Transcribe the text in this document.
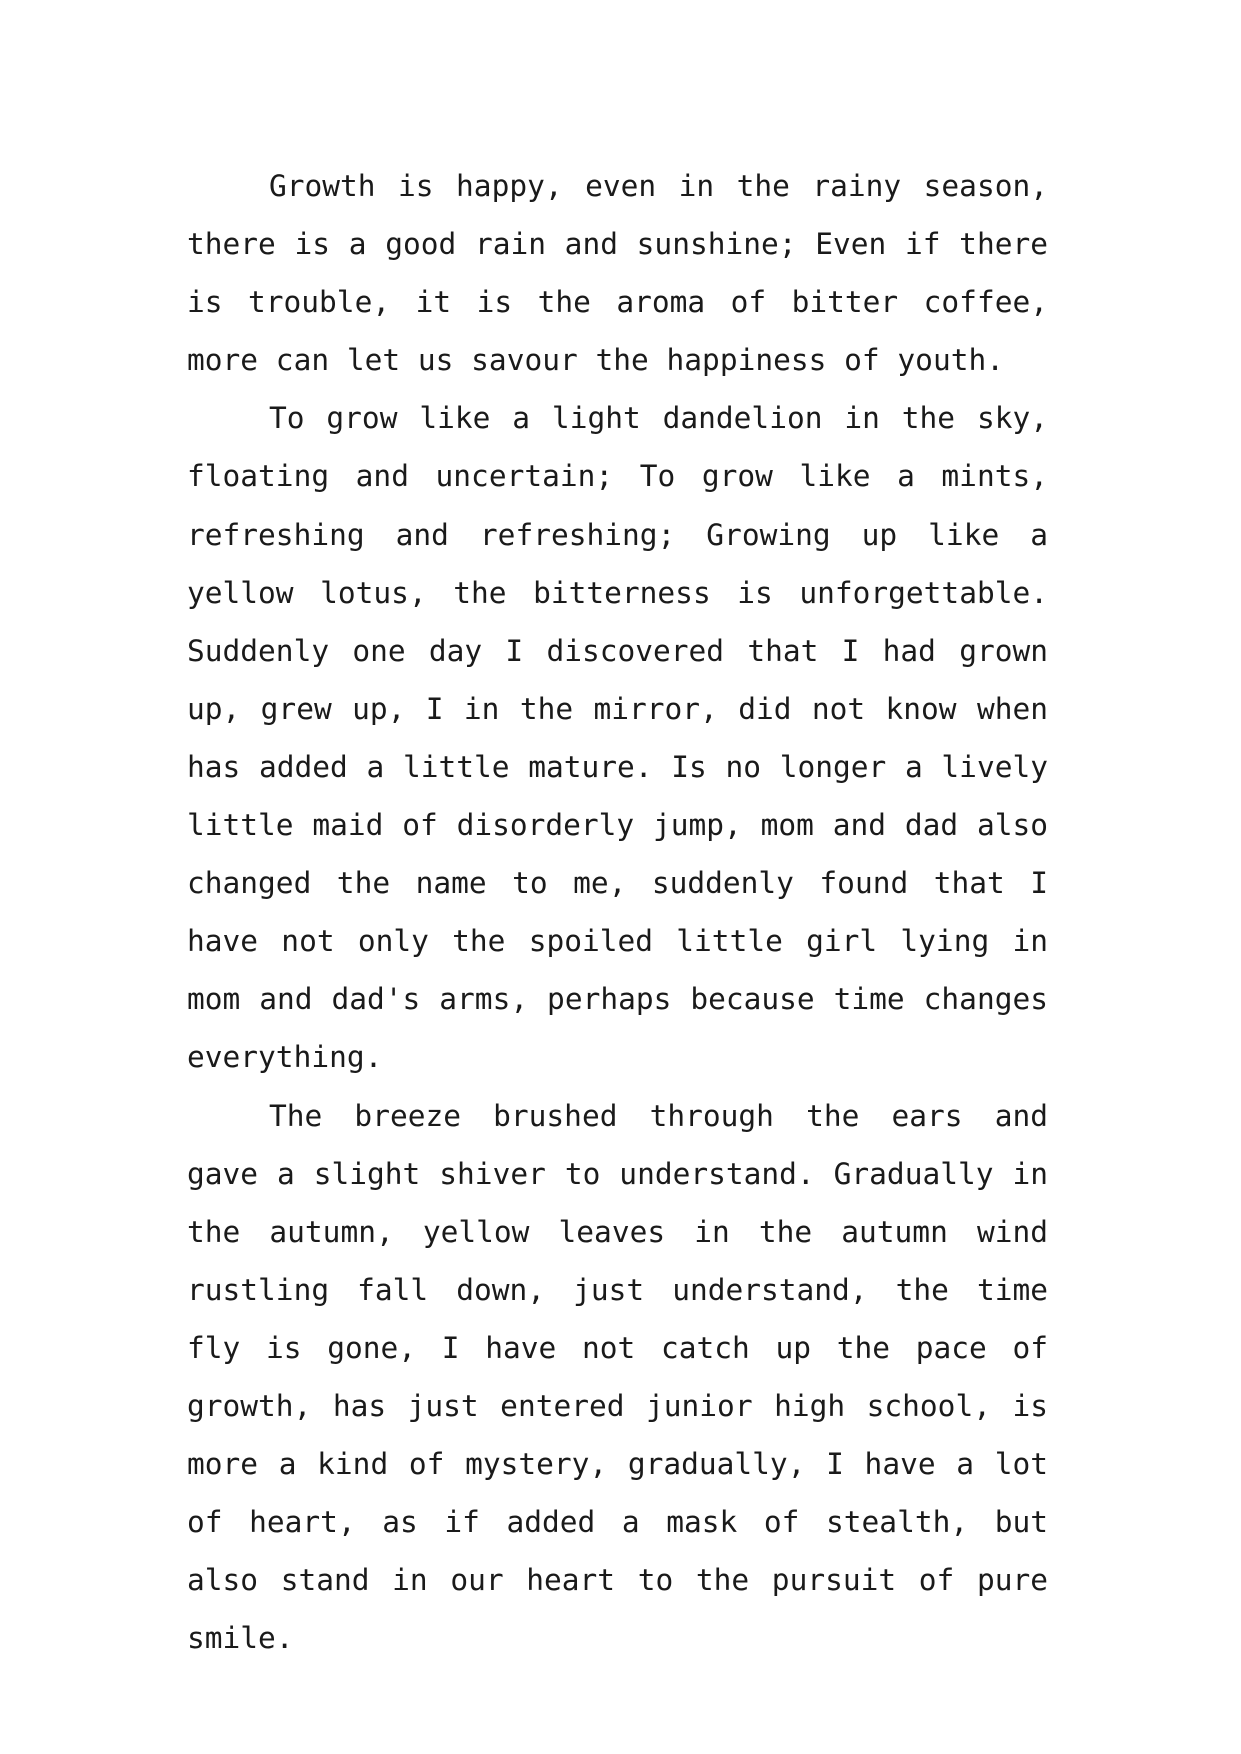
Growth is happy, even in the rainy season, there is a good rain and sunshine; Even if there is trouble, it is the aroma of bitter coffee, more can let us savour the happiness of youth.

To grow like a light dandelion in the sky, floating and uncertain; To grow like a mints, refreshing and refreshing; Growing up like a yellow lotus, the bitterness is unforgettable. Suddenly one day I discovered that I had grown up, grew up, I in the mirror, did not know when has added a little mature. Is no longer a lively little maid of disorderly jump, mom and dad also changed the name to me, suddenly found that I have not only the spoiled little girl lying in mom and dad's arms, perhaps because time changes everything.

The breeze brushed through the ears and gave a slight shiver to understand. Gradually in the autumn, yellow leaves in the autumn wind rustling fall down, just understand, the time fly is gone, I have not catch up the pace of growth, has just entered junior high school, is more a kind of mystery, gradually, I have a lot of heart, as if added a mask of stealth, but also stand in our heart to the pursuit of pure smile.
